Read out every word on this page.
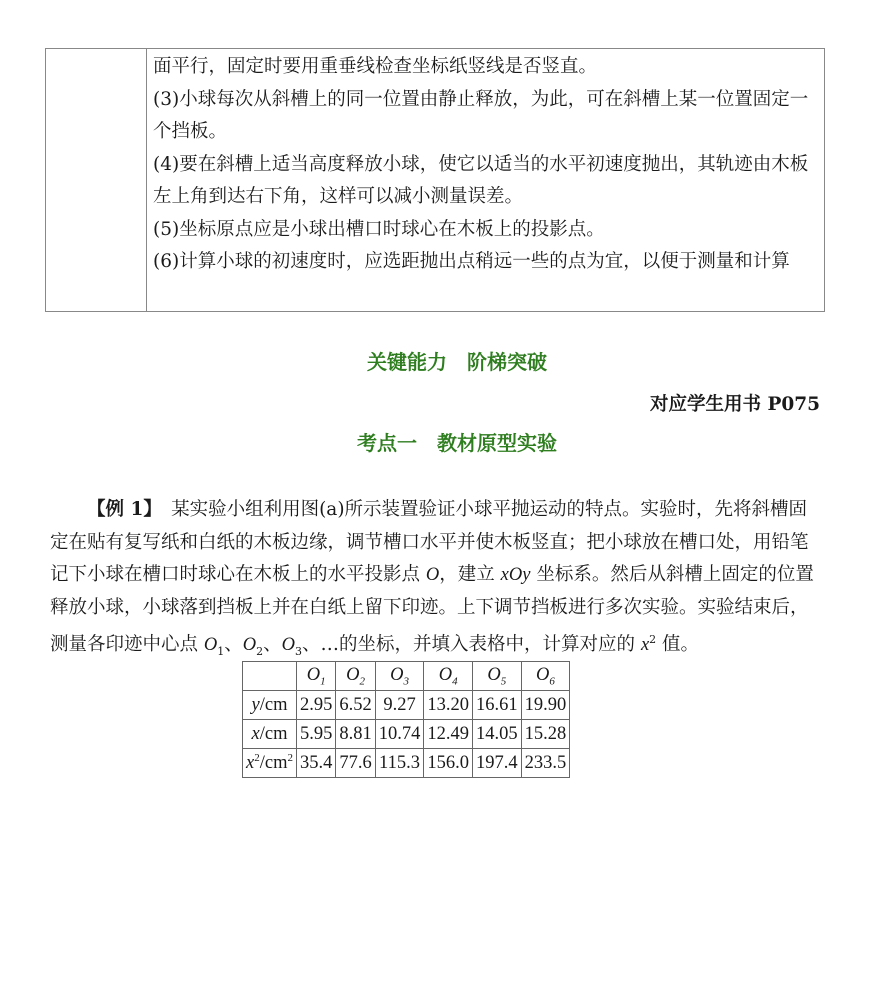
面平行，固定时要用重垂线检查坐标纸竖线是否竖直。

(3)小球每次从斜槽上的同一位置由静止释放，为此，可在斜槽上某一位置固定一个挡板。

(4)要在斜槽上适当高度释放小球，使它以适当的水平初速度抛出，其轨迹由木板左上角到达右下角，这样可以减小测量误差。

(5)坐标原点应是小球出槽口时球心在木板上的投影点。

(6)计算小球的初速度时，应选距抛出点稍远一些的点为宜，以便于测量和计算

关键能力　阶梯突破
对应学生用书 P075
考点一　教材原型实验

【例 1】　某实验小组利用图(a)所示装置验证小球平抛运动的特点。实验时，先将斜槽固定在贴有复写纸和白纸的木板边缘，调节槽口水平并使木板竖直；把小球放在槽口处，用铅笔记下小球在槽口时球心在木板上的水平投影点 O，建立 xOy 坐标系。然后从斜槽上固定的位置释放小球，小球落到挡板上并在白纸上留下印迹。上下调节挡板进行多次实验。实验结束后，测量各印迹中心点 $O_1$、$O_2$、$O_3$、…的坐标，并填入表格中，计算对应的 $x^2$ 值。

	$O_1$	$O_2$	$O_3$	$O_4$	$O_5$	$O_6$
y/cm	2.95	6.52	9.27	13.20	16.61	19.90
x/cm	5.95	8.81	10.74	12.49	14.05	15.28
$x^2/cm^2$	35.4	77.6	115.3	156.0	197.4	233.5
